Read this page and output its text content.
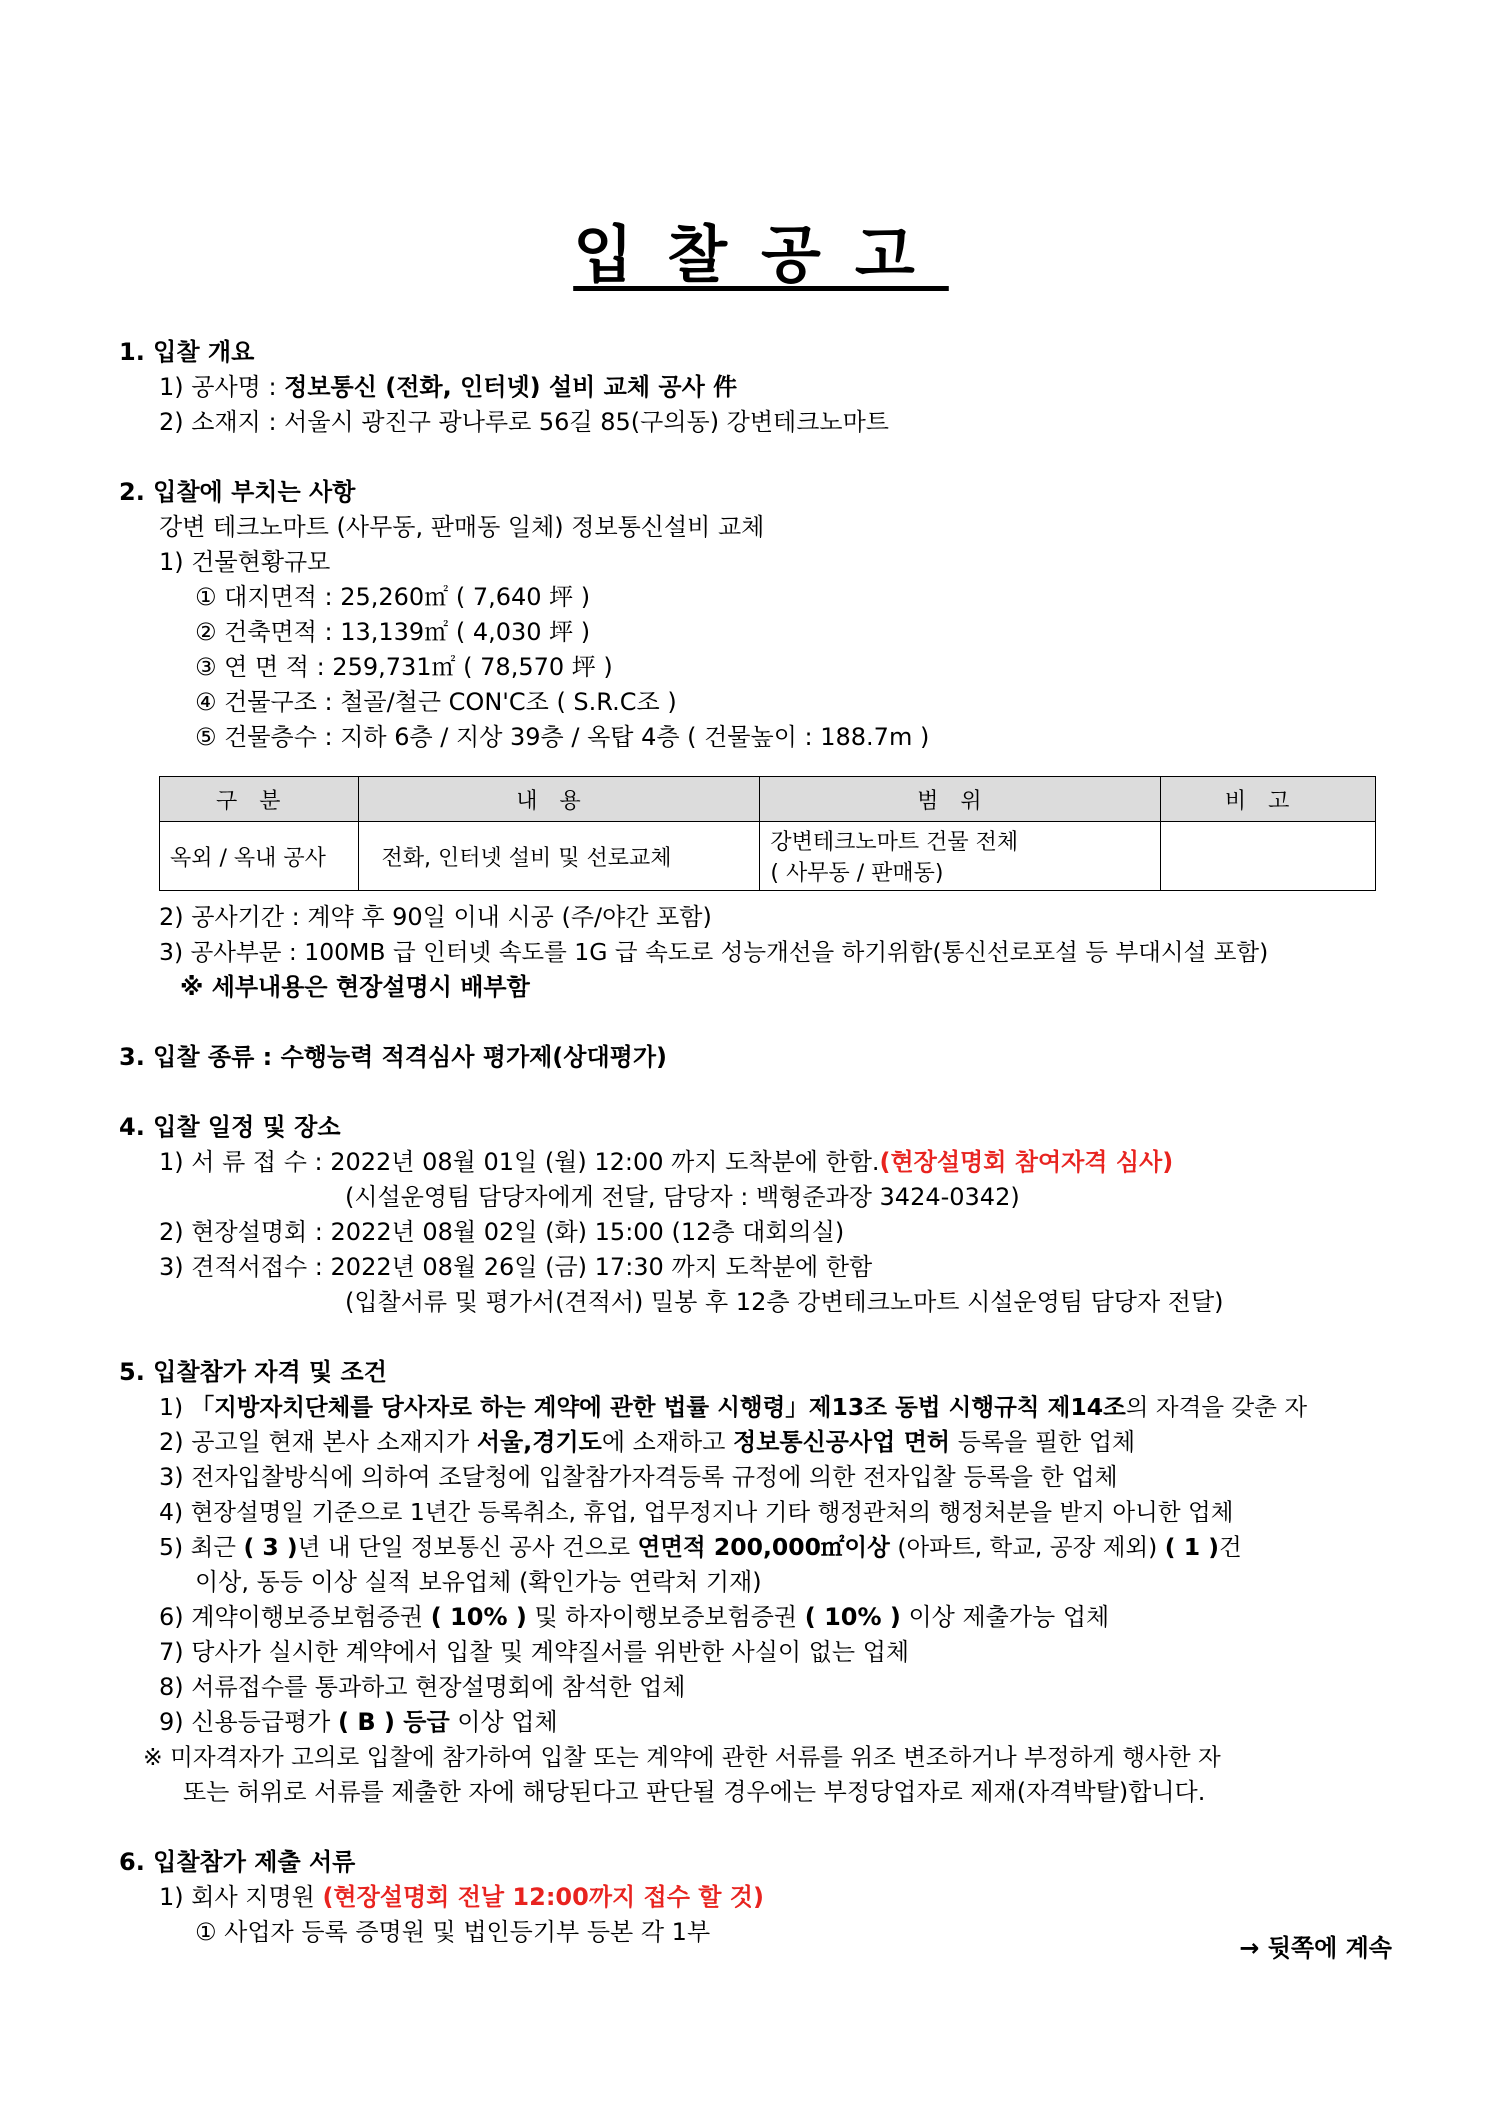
입찰공고
1. 입찰 개요
1) 공사명 : 정보통신 (전화, 인터넷) 설비 교체 공사 件
2) 소재지 : 서울시 광진구 광나루로 56길 85(구의동) 강변테크노마트
2. 입찰에 부치는 사항
강변 테크노마트 (사무동, 판매동 일체) 정보통신설비 교체
1) 건물현황규모
① 대지면적 : 25,260㎡ ( 7,640 坪 )
② 건축면적 : 13,139㎡ ( 4,030 坪 )
③ 연 면 적 : 259,731㎡ ( 78,570 坪 )
④ 건물구조 : 철골/철근 CON'C조 ( S.R.C조 )
⑤ 건물층수 : 지하 6층 / 지상 39층 / 옥탑 4층 ( 건물높이 : 188.7m )
구분	내용	범위	비고
옥외 / 옥내 공사	전화, 인터넷 설비 및 선로교체	강변테크노마트 건물 전체
( 사무동 / 판매동)	

2) 공사기간 : 계약 후 90일 이내 시공 (주/야간 포함)
3) 공사부문 : 100MB 급 인터넷 속도를 1G 급 속도로 성능개선을 하기위함(통신선로포설 등 부대시설 포함)
※ 세부내용은 현장설명시 배부함
3. 입찰 종류 : 수행능력 적격심사 평가제(상대평가)
4. 입찰 일정 및 장소
1) 서 류 접 수 : 2022년 08월 01일 (월) 12:00 까지 도착분에 한함.(현장설명회 참여자격 심사)
(시설운영팀 담당자에게 전달, 담당자 : 백형준과장 3424-0342)
2) 현장설명회 : 2022년 08월 02일 (화) 15:00 (12층 대회의실)
3) 견적서접수 : 2022년 08월 26일 (금) 17:30 까지 도착분에 한함
(입찰서류 및 평가서(견적서) 밀봉 후 12층 강변테크노마트 시설운영팀 담당자 전달)
5. 입찰참가 자격 및 조건
1) 「지방자치단체를 당사자로 하는 계약에 관한 법률 시행령」제13조 동법 시행규칙 제14조의 자격을 갖춘 자
2) 공고일 현재 본사 소재지가 서울,경기도에 소재하고 정보통신공사업 면허 등록을 필한 업체
3) 전자입찰방식에 의하여 조달청에 입찰참가자격등록 규정에 의한 전자입찰 등록을 한 업체
4) 현장설명일 기준으로 1년간 등록취소, 휴업, 업무정지나 기타 행정관처의 행정처분을 받지 아니한 업체
5) 최근 ( 3 )년 내 단일 정보통신 공사 건으로 연면적 200,000㎡이상 (아파트, 학교, 공장 제외) ( 1 )건
이상, 동등 이상 실적 보유업체 (확인가능 연락처 기재)
6) 계약이행보증보험증권 ( 10% ) 및 하자이행보증보험증권 ( 10% ) 이상 제출가능 업체
7) 당사가 실시한 계약에서 입찰 및 계약질서를 위반한 사실이 없는 업체
8) 서류접수를 통과하고 현장설명회에 참석한 업체
9) 신용등급평가 ( B ) 등급 이상 업체
※ 미자격자가 고의로 입찰에 참가하여 입찰 또는 계약에 관한 서류를 위조 변조하거나 부정하게 행사한 자
또는 허위로 서류를 제출한 자에 해당된다고 판단될 경우에는 부정당업자로 제재(자격박탈)합니다.
6. 입찰참가 제출 서류
1) 회사 지명원 (현장설명회 전날 12:00까지 접수 할 것)
① 사업자 등록 증명원 및 법인등기부 등본 각 1부
→ 뒷쪽에 계속
